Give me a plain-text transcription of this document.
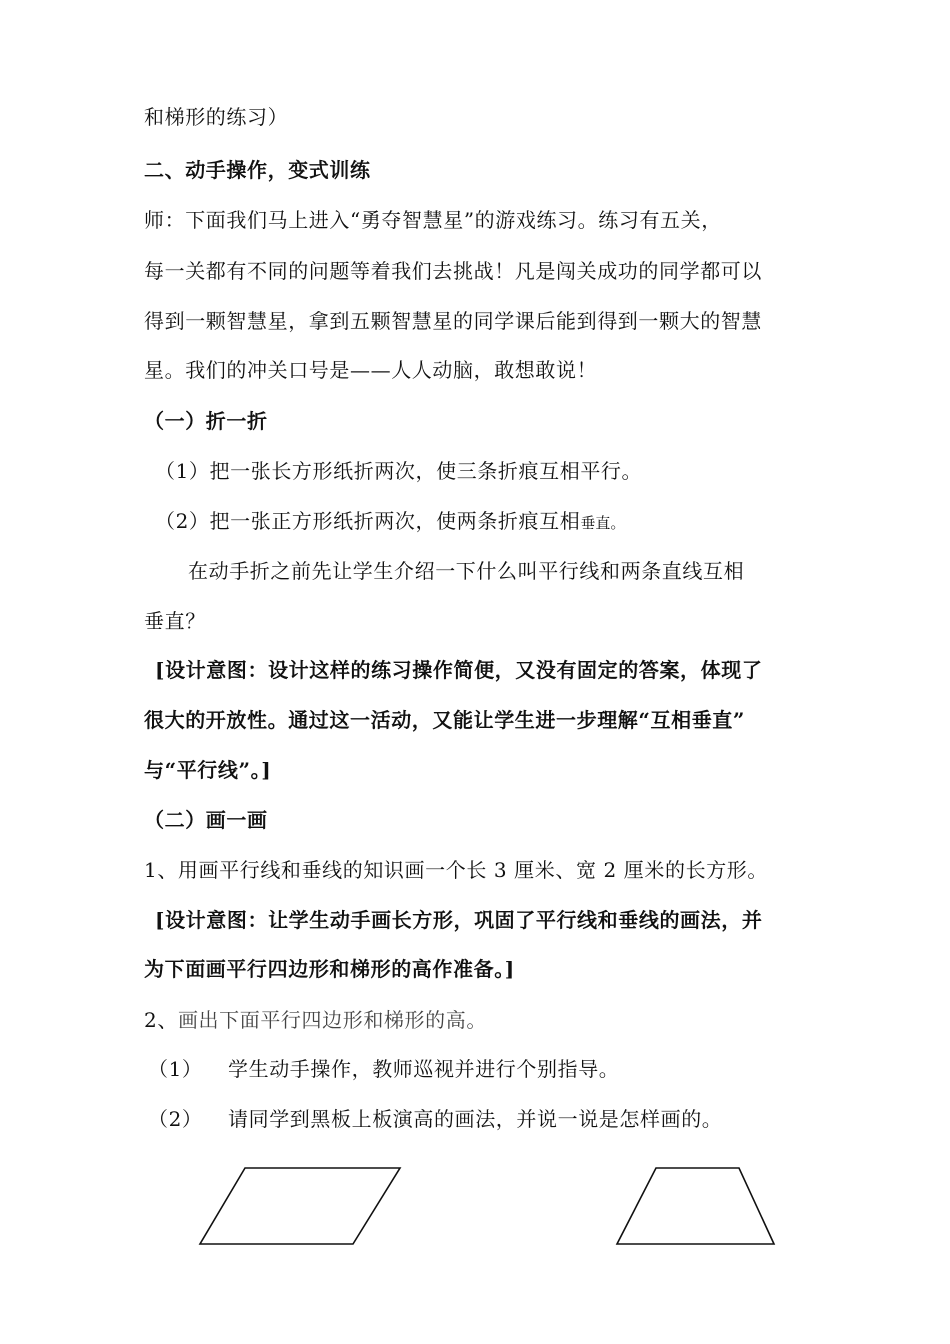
和梯形的练习）
二、动手操作，变式训练
师：下面我们马上进入“勇夺智慧星”的游戏练习。练习有五关，
每一关都有不同的问题等着我们去挑战！凡是闯关成功的同学都可以
得到一颗智慧星，拿到五颗智慧星的同学课后能到得到一颗大的智慧
星。我们的冲关口号是——人人动脑，敢想敢说！
（一）折一折
（1）把一张长方形纸折两次，使三条折痕互相平行。
（2）把一张正方形纸折两次，使两条折痕互相垂直。
在动手折之前先让学生介绍一下什么叫平行线和两条直线互相
垂直？
[设计意图：设计这样的练习操作简便，又没有固定的答案，体现了
很大的开放性。通过这一活动，又能让学生进一步理解“互相垂直”
与“平行线”。]
（二）画一画
1、用画平行线和垂线的知识画一个长 3 厘米、宽 2 厘米的长方形。
[设计意图：让学生动手画长方形，巩固了平行线和垂线的画法，并
为下面画平行四边形和梯形的高作准备。]
2、画出下面平行四边形和梯形的高。
（1） 学生动手操作，教师巡视并进行个别指导。
（2） 请同学到黑板上板演高的画法，并说一说是怎样画的。
